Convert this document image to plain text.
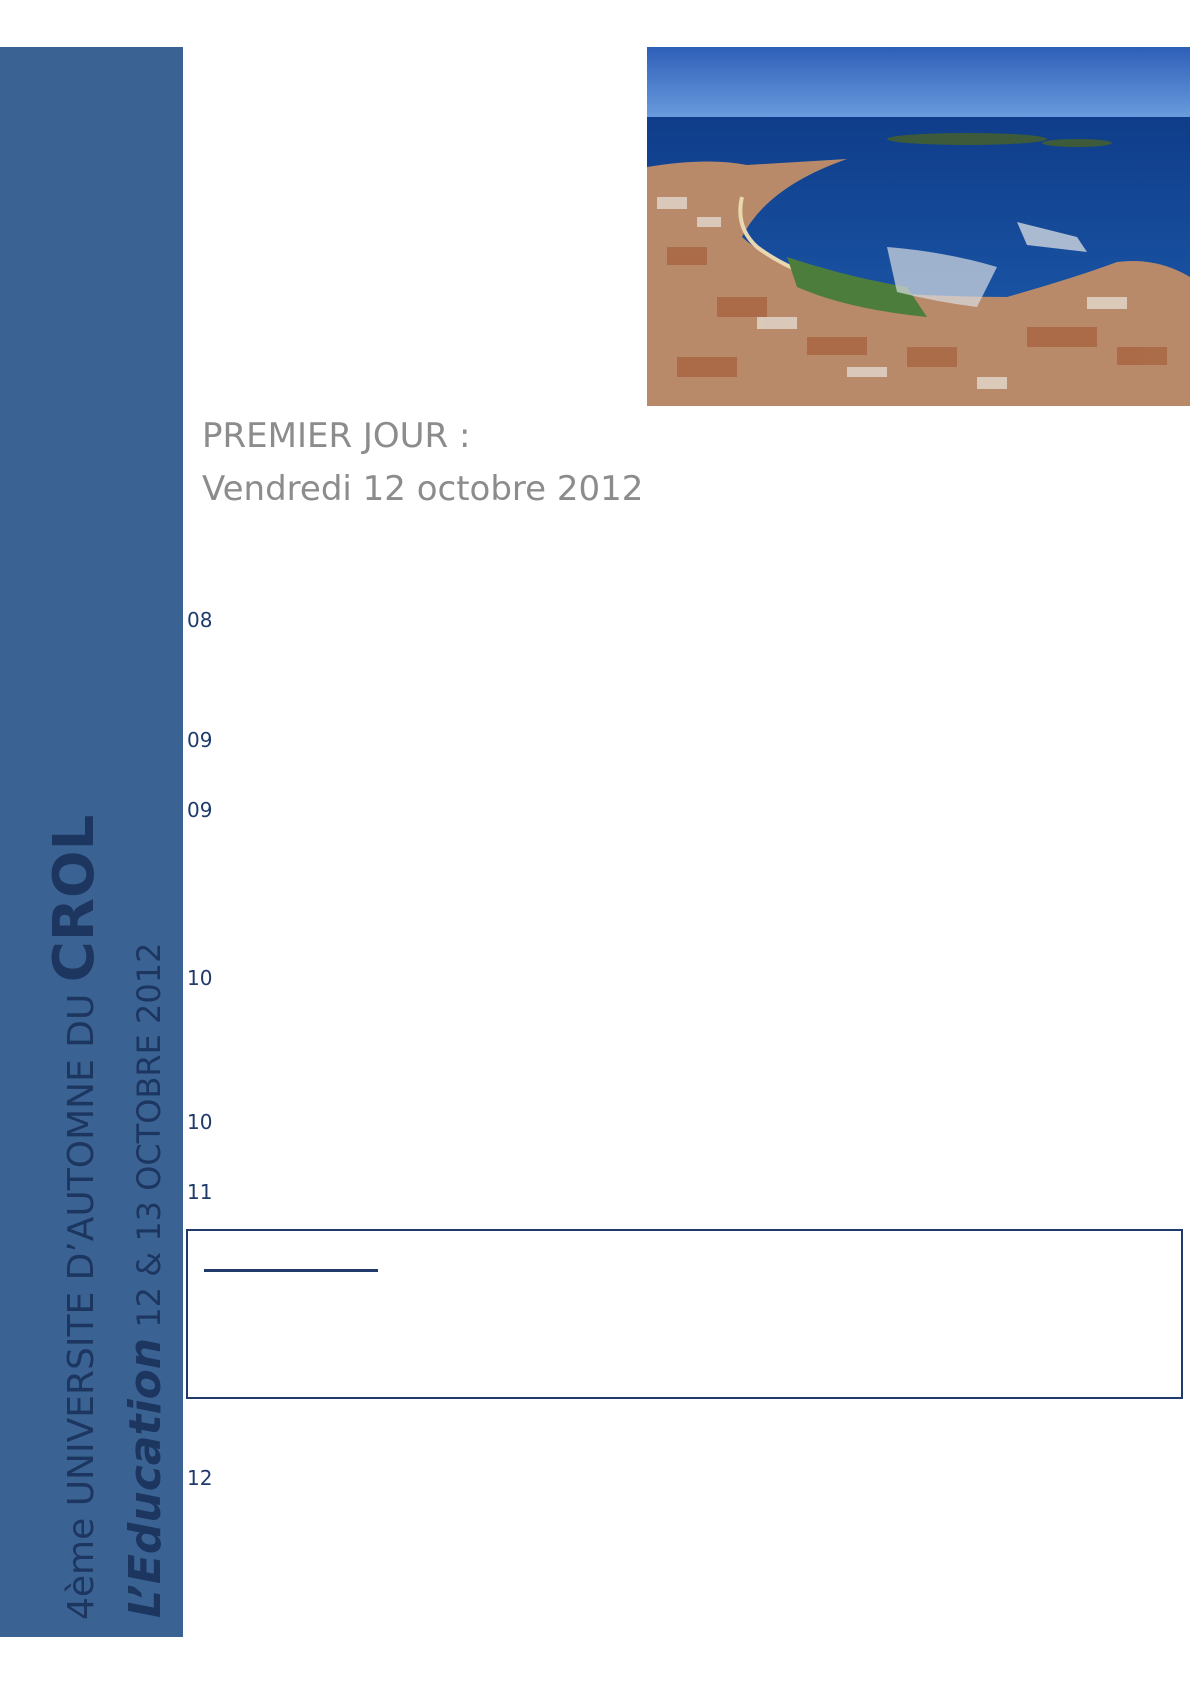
4ème UNIVERSITE D’AUTOMNE DU CROL
L’Education 12 & 13 OCTOBRE 2012
PREMIER JOUR :
Vendredi 12 octobre 2012
08
09
09
10
10
11
12
